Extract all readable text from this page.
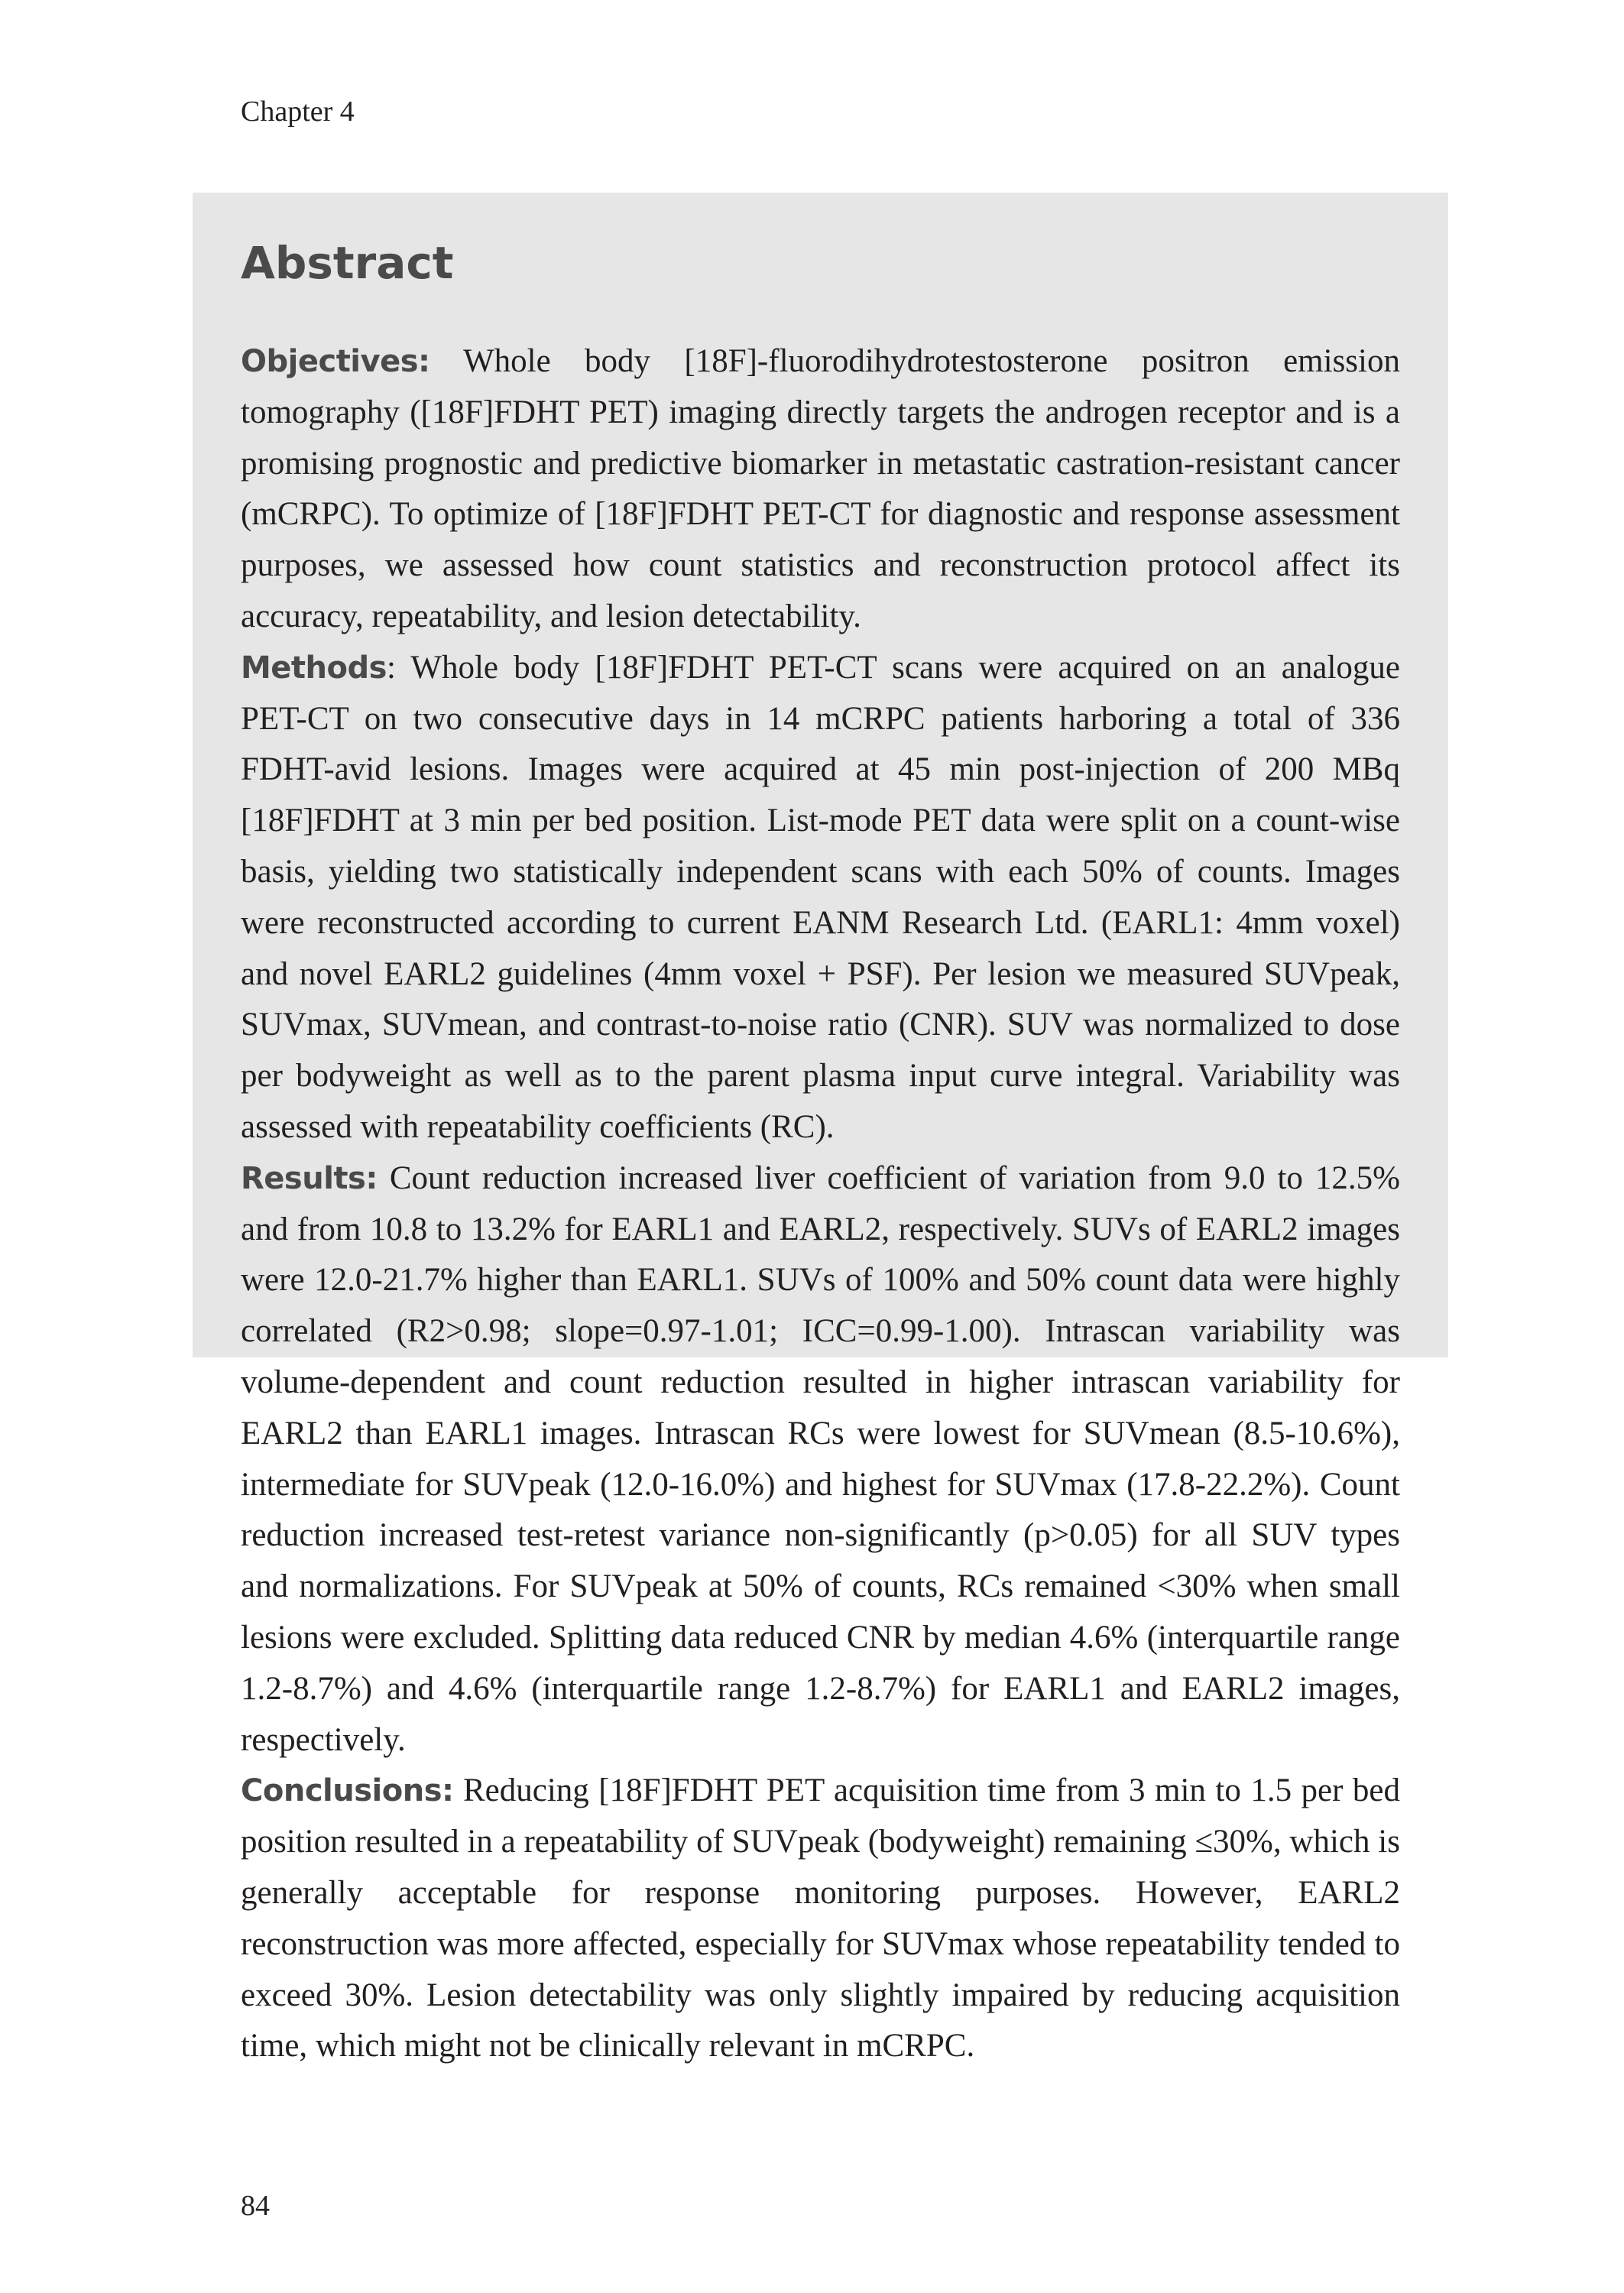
Chapter 4
Abstract

Objectives: Whole body [18F]-fluorodihydrotestosterone positron emission tomography ([18F]FDHT PET) imaging directly targets the androgen receptor and is a promising prognostic and predictive biomarker in metastatic castration-resistant cancer (mCRPC). To optimize of [18F]FDHT PET-CT for diagnostic and response assessment purposes, we assessed how count statistics and reconstruction protocol affect its accuracy, repeatability, and lesion detectability.

Methods: Whole body [18F]FDHT PET-CT scans were acquired on an analogue PET-CT on two consecutive days in 14 mCRPC patients harboring a total of 336 FDHT-avid lesions. Images were acquired at 45 min post-injection of 200 MBq [18F]FDHT at 3 min per bed position. List-mode PET data were split on a count-wise basis, yielding two statistically independent scans with each 50% of counts. Images were reconstructed according to current EANM Research Ltd. (EARL1: 4mm voxel) and novel EARL2 guidelines (4mm voxel + PSF). Per lesion we measured SUVpeak, SUVmax, SUVmean, and contrast-to-noise ratio (CNR). SUV was normalized to dose per bodyweight as well as to the parent plasma input curve integral. Variability was assessed with repeatability coefficients (RC).

Results: Count reduction increased liver coefficient of variation from 9.0 to 12.5% and from 10.8 to 13.2% for EARL1 and EARL2, respectively. SUVs of EARL2 images were 12.0-21.7% higher than EARL1. SUVs of 100% and 50% count data were highly correlated (R2>0.98; slope=0.97-1.01; ICC=0.99-1.00). Intrascan variability was volume-dependent and count reduction resulted in higher intrascan variability for EARL2 than EARL1 images. Intrascan RCs were lowest for SUVmean (8.5-10.6%), intermediate for SUVpeak (12.0-16.0%) and highest for SUVmax (17.8-22.2%). Count reduction increased test-retest variance non-significantly (p>0.05) for all SUV types and normalizations. For SUVpeak at 50% of counts, RCs remained <30% when small lesions were excluded. Splitting data reduced CNR by median 4.6% (interquartile range 1.2-8.7%) and 4.6% (interquartile range 1.2-8.7%) for EARL1 and EARL2 images, respectively.

Conclusions: Reducing [18F]FDHT PET acquisition time from 3 min to 1.5 per bed position resulted in a repeatability of SUVpeak (bodyweight) remaining ≤30%, which is generally acceptable for response monitoring purposes. However, EARL2 reconstruction was more affected, especially for SUVmax whose repeatability tended to exceed 30%. Lesion detectability was only slightly impaired by reducing acquisition time, which might not be clinically relevant in mCRPC.

84
